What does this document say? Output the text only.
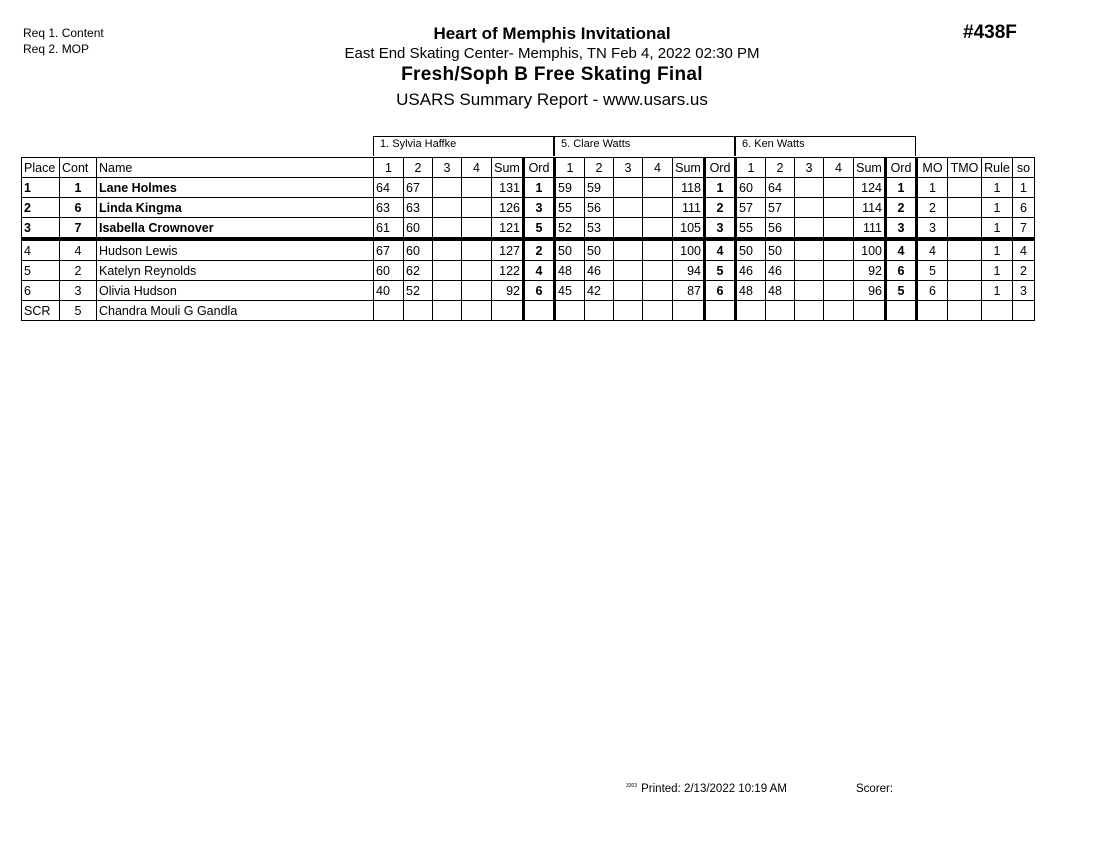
Req 1. Content
Req 2. MOP
#438F
Heart of Memphis Invitational
East End Skating Center- Memphis, TN Feb 4, 2022 02:30 PM
Fresh/Soph B Free Skating Final
USARS Summary Report - www.usars.us
1. Sylvia Haffke	5. Clare Watts	6. Ken Watts
Place	Cont	Name	1	2	3	4	Sum	Ord	1	2	3	4	Sum	Ord	1	2	3	4	Sum	Ord	MO	TMO	Rule	so
1	1	Lane Holmes	64	67			131	1	59	59			118	1	60	64			124	1	1		1	1
2	6	Linda Kingma	63	63			126	3	55	56			111	2	57	57			114	2	2		1	6
3	7	Isabella Crownover	61	60			121	5	52	53			105	3	55	56			111	3	3		1	7
4	4	Hudson Lewis	67	60			127	2	50	50			100	4	50	50			100	4	4		1	4
5	2	Katelyn Reynolds	60	62			122	4	48	46			94	5	46	46			92	6	5		1	2
6	3	Olivia Hudson	40	52			92	6	45	42			87	6	48	48			96	5	6		1	3
SCR	5	Chandra Mouli G Gandla																						
$^{3303}$ Printed: 2/13/2022 10:19 AM	Scorer:
